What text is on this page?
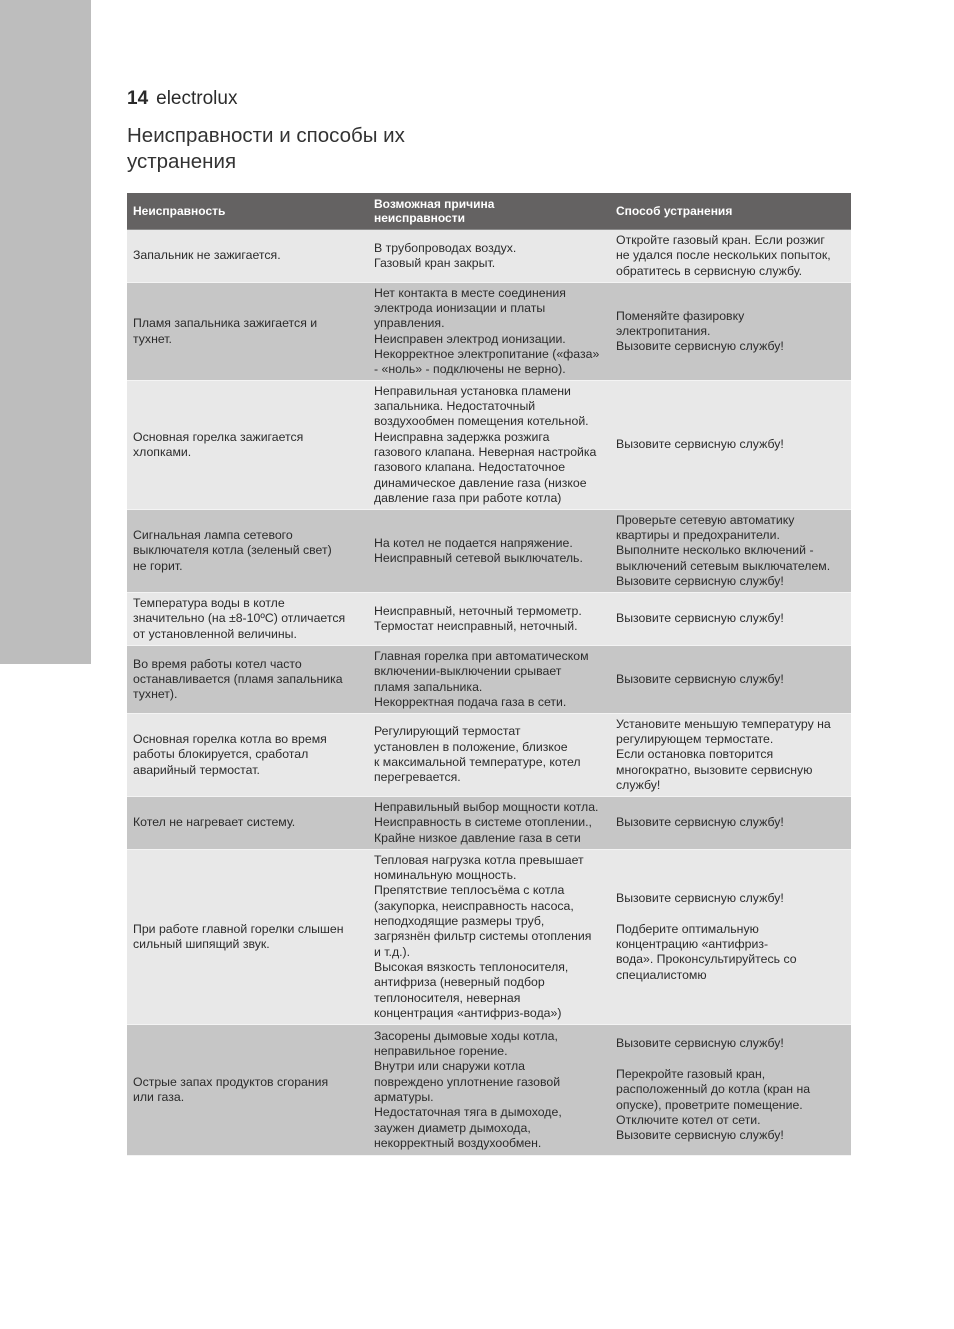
14 electrolux
Неисправности и способы их устранения
Неисправность	Возможная причина
неисправности	Способ устранения
Запальник не зажигается.
В трубопроводах воздух.
Газовый кран закрыт.
Откройте газовый кран. Если розжиг
не удался после нескольких попыток,
обратитесь в сервисную службу.
Пламя запальника зажигается и
тухнет.
Нет контакта в месте соединения
электрода ионизации и платы
управления.
Неисправен электрод ионизации.
Некорректное электропитание («фаза»
- «ноль» - подключены не верно).
Поменяйте фазировку
электропитания.
Вызовите сервисную службу!
Основная горелка зажигается
хлопками.
Неправильная установка пламени
запальника. Недостаточный
воздухообмен помещения котельной.
Неисправна задержка розжига
газового клапана. Неверная настройка
газового клапана. Недостаточное
динамическое давление газа (низкое
давление газа при работе котла)
Вызовите сервисную службу!
Сигнальная лампа сетевого
выключателя котла (зеленый свет)
не горит.
На котел не подается напряжение.
Неисправный сетевой выключатель.
Проверьте сетевую автоматику
квартиры и предохранители.
Выполните несколько включений -
выключений сетевым выключателем.
Вызовите сервисную службу!
Температура воды в котле
значительно (на ±8-10ºC) отличается
от установленной величины.
Неисправный, неточный термометр.
Термостат неисправный, неточный.
Вызовите сервисную службу!
Во время работы котел часто
останавливается (пламя запальника
тухнет).
Главная горелка при автоматическом
включении-выключении срывает
пламя запальника.
Некорректная подача газа в сети.
Вызовите сервисную службу!
Основная горелка котла во время
работы блокируется, сработал
аварийный термостат.
Регулирующий термостат
установлен в положение, близкое
к максимальной температуре, котел
перегревается.
Установите меньшую температуру на
регулирующем термостате.
Если остановка повторится
многократно, вызовите сервисную
службу!
Котел не нагревает систему.
Неправильный выбор мощности котла.
Неисправность в системе отоплении.,
Крайне низкое давление газа в сети
Вызовите сервисную службу!
При работе главной горелки слышен
сильный шипящий звук.
Тепловая нагрузка котла превышает
номинальную мощность.
Препятствие теплосъёма с котла
(закупорка, неисправность насоса,
неподходящие размеры труб,
загрязнён фильтр системы отопления
и т.д.).
Высокая вязкость теплоносителя,
антифриза (неверный подбор
теплоносителя, неверная
концентрация «антифриз-вода»)
Вызовите сервисную службу!

Подберите оптимальную
концентрацию «антифриз-
вода». Проконсультируйтесь со
специалистомю
Острые запах продуктов сгорания
или газа.
Засорены дымовые ходы котла,
неправильное горение.
Внутри или снаружи котла
повреждено уплотнение газовой
арматуры.
Недостаточная тяга в дымоходе,
заужен диаметр дымохода,
некорректный воздухообмен.
Вызовите сервисную службу!

Перекройте газовый кран,
расположенный до котла (кран на
опуске), проветрите помещение.
Отключите котел от сети.
Вызовите сервисную службу!
